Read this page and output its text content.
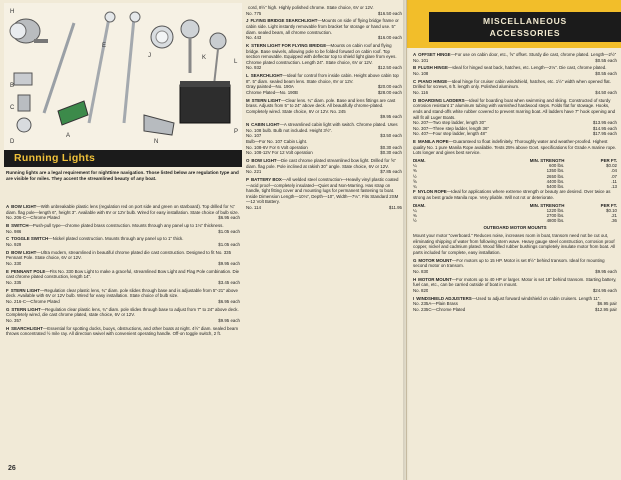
H
E
J	K
L
B
C
D
A
N
P
Running Lights
Running lights are a legal requirement for nighttime navigation. Those listed below are regulation type and are visible for miles. They accent the streamlined beauty of any boat.
A BOW LIGHT—With unbreakable plastic lens (regulation red on port side and green on starboard). Top drilled for ¾" diam. flag pole—length 6", height 3". Available with 6V or 12V bulb. Wired for easy installation. State choice of bulb size.
No. 206-C—Chrome Plated	$6.95 each
B SWITCH—Push-pull type—chrome plated brass construction. Mounts through any panel up to 1⅛" thickness.
No. 986	$1.05 each
C TOGGLE SWITCH—Nickel plated construction. Mounts through any panel up to 1" thick.
No. 929	$1.05 each
D BOW LIGHT—Ultra modern, streamlined in beautiful chrome plated die cast construction. Designed to fit No. 335 Pennant Pole. State choice, 6V or 12V.
No. 330	$9.95 each
E PENNANT POLE—Fits No. 330 Bow Light to make a graceful, streamlined Bow Light and Flag Pole combination. Die cast chrome plated construction, length 14".
No. 335	$3.45 each
F STERN LIGHT—Regulation clear plastic lens, ¾" diam. pole slides through base and is adjustable from 5"-21" above deck. Available with 6V or 12V bulb. Wired for easy installation. State choice of bulb size.
No. 216-C—Chrome Plated	$6.95 each
G STERN LIGHT—Regulation clear plastic lens, ¾" diam. pole slides through base to adjust from 7" to 24" above deck. Completely wired, die cast chrome plated, state choice, 6V or 12V.
No. 357	$9.95 each
H SEARCHLIGHT—Essential for spotting docks, buoys, obstructions, and other boats at night. 4½" diam. sealed beam throws concentrated ½ mile ray. All direction swivel with convenient operating handle. Off-on toggle switch, 2 ft.
cord, 8½" high. Highly polished chrome. State choice, 6V or 12V.
No. 775	$16.50 each
J FLYING BRIDGE SEARCHLIGHT—Mounts on side of flying bridge frame or cabin side. Light instantly removable from bracket for storage or hand use. 5" diam. sealed beam, all chrome construction.
No. 443	$16.00 each
K STERN LIGHT FOR FLYING BRIDGE—Mounts on cabin roof and flying bridge. Base swivels, allowing pole to be folded forward on cabin roof. Top section removable. Equipped with deflector top to shield light glare from eyes. Chrome plated construction. Length 24". State choice, 6V or 12V.
No. 932	$12.50 each
L SEARCHLIGHT—Ideal for control from inside cabin. Height above cabin top 8". 5" diam. sealed beam lens. State choice, 6V or 12V.
Gray painted—No. 190A	$20.00 each
Chrome Plated—No. 190B	$28.00 each
M STERN LIGHT—Clear lens. ¾" diam. pole. Base and lens fittings are cast brass. Adjusts from 5" to 24" above deck. All beautifully chrome-plated. Completely wired. State choice, 6V or 12V. No. 245
$9.95 each
N CABIN LIGHT—A streamlined cabin light with switch. Chrome plated. Uses No. 108 bulb. Bulb not included. Height 3½".
No. 107	$3.50 each
Bulb—For No. 107 Cabin Light.
No. 108-6V For 6 Volt operation	$0.30 each
No. 108-12V For 12 Volt operation	$0.30 each
O BOW LIGHT—Die cast chrome plated streamlined bow light. Drilled for ⅝" diam. flag pole. Pole inclined at rakish 30° angle. State choice, 6V or 12V.
No. 221	$7.85 each
P BATTERY BOX—All welded steel construction—Heavily vinyl plastic coated—acid proof—completely insulated—Quiet and Non-Marring. Has strap on handle, tight fitting cover and mounting lugs for permanent fastening to boat. Inside Dimension Length—10⅛", Depth—10", Width—7⅛". Fits Standard 2SM—12 Volt Battery.
No. 114	$11.95
26
MISCELLANEOUS
ACCESSORIES
A OFFSET HINGE—For use on cabin door, etc., ⅝" offset. Sturdy die cast, chrome plated. Length—2½"
No. 101	$0.55 each
B FLUSH HINGE—Ideal for hinged seat back, hatches, etc. Length—2⅛". Die cast, chrome plated.
No. 108	$0.55 each
C PIANO HINGE—Ideal hinge for cruiser cabin windshield, hatches, etc. 1½" width when opened flat. Drilled for screws, 6 ft. length only. Polished aluminum.
No. 116	$4.50 each
D BOARDING LADDERS—Ideal for boarding boat when swimming and skiing. Constructed of sturdy corrosion resistant 1" aluminum tubing with varnished hardwood steps. Folds flat for stowage. Hooks, ends and stand-offs white rubber covered to prevent marring boat. All ladders have 7" hook opening and will fit all Luger Boats.
No. 207—Two step ladder, length 30"	$13.95 each
No. 307—Three step ladder, length 36"	$14.95 each
No. 407—Four step ladder, length 48"	$17.95 each
E MANILA ROPE—Guaranteed to float indefinitely. Thoroughly water and weather-proofed. Highest quality No. 1 pure Manila Rope available. Tests 25% above Govt. specifications for Grade A marine rope. Lots longer and gives best service.
DIAM.	MIN. STRENGTH	PER FT.
¼	600 lbs.	$0.02
⅜	1350 lbs.	.04
½	2650 lbs.	.07
⅝	4400 lbs.	.11
¾	5400 lbs.	.13
F NYLON ROPE—Ideal for applications where extreme strength or beauty are desired. Over twice as strong as best grade Manila rope. Very pliable. Will not rot or deteriorate.
DIAM.	MIN. STRENGTH	PER FT.
¼	1220 lbs.	$0.10
⅜	2700 lbs.	.21
½	4800 lbs.	.36
OUTBOARD MOTOR MOUNTS
Mount your motor "overboard." Reduces noise, increases room in boat, transom need not be cut out, eliminating shipping of water from following stern wave. Heavy gauge steel construction, corrosion proof copper, nickel and cadmium plated. Wood filled rubber bushings completely insulate motor from boat. All parts included for complete, easy installation.
G MOTOR MOUNT—For motors up to 15 HP. Motor is set 8½" behind transom. Ideal for mounting second motor on transom.
No. 830	$9.95 each
H MOTOR MOUNT—For motors up to 40 HP or larger. Motor is set 18" behind transom. Starting battery, fuel can, etc., can be carried outside of boat in mount.
No. 820	$24.95 each
I WINDSHIELD ADJUSTERS—Used to adjust forward windshield on cabin cruisers. Length 11".
No. 235A—Plain Brass	$6.95 pair
No. 235C—Chrome Plated	$12.95 pair
